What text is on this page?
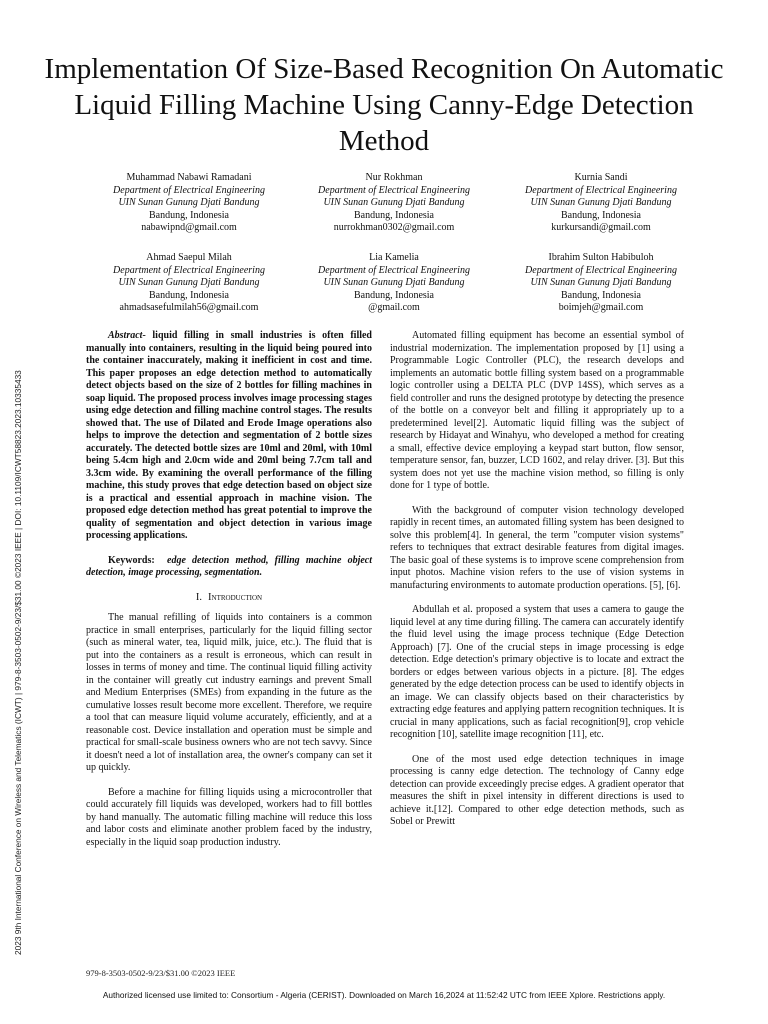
Implementation Of Size-Based Recognition On Automatic Liquid Filling Machine Using Canny-Edge Detection Method
Muhammad Nabawi Ramadani
Department of Electrical Engineering
UIN Sunan Gunung Djati Bandung
Bandung, Indonesia
nabawipnd@gmail.com
Nur Rokhman
Department of Electrical Engineering
UIN Sunan Gunung Djati Bandung
Bandung, Indonesia
nurrokhman0302@gmail.com
Kurnia Sandi
Department of Electrical Engineering
UIN Sunan Gunung Djati Bandung
Bandung, Indonesia
kurkursandi@gmail.com
Ahmad Saepul Milah
Department of Electrical Engineering
UIN Sunan Gunung Djati Bandung
Bandung, Indonesia
ahmadsasefulmilah56@gmail.com
Lia Kamelia
Department of Electrical Engineering
UIN Sunan Gunung Djati Bandung
Bandung, Indonesia
@gmail.com
Ibrahim Sulton Habibuloh
Department of Electrical Engineering
UIN Sunan Gunung Djati Bandung
Bandung, Indonesia
boimjeh@gmail.com
2023 9th International Conference on Wireless and Telematics (ICWT) | 979-8-3503-0502-9/23/$31.00 ©2023 IEEE | DOI: 10.1109/ICWT58823.2023.10335433

Abstract- liquid filling in small industries is often filled manually into containers, resulting in the liquid being poured into the container inaccurately, making it inefficient in cost and time. This paper proposes an edge detection method to automatically detect objects based on the size of 2 bottles for filling machines in soap liquid. The proposed process involves image processing stages using edge detection and filling machine control stages. The results showed that. The use of Dilated and Erode Image operations also helps to improve the detection and segmentation of 2 bottle sizes accurately. The detected bottle sizes are 10ml and 20ml, with 10ml being 5.4cm high and 2.0cm wide and 20ml being 7.7cm tall and 3.3cm wide. By examining the overall performance of the filling machine, this study proves that edge detection based on object size is a practical and essential approach in machine vision. The proposed edge detection method has great potential to improve the quality of segmentation and object detection in various image processing applications.

Keywords: edge detection method, filling machine object detection, image processing, segmentation.

I. Introduction

The manual refilling of liquids into containers is a common practice in small enterprises, particularly for the liquid filling sector (such as mineral water, tea, liquid milk, juice, etc.). The fluid that is put into the containers as a result is erroneous, which can result in losses in terms of money and time. The continual liquid filling activity in the container will greatly cut industry earnings and prevent Small and Medium Enterprises (SMEs) from expanding in the future as the cumulative losses result become more excellent. Therefore, we require a tool that can measure liquid volume accurately, efficiently, and at a reasonable cost. Device installation and operation must be simple and practical for small-scale business owners who are not tech savvy. Since it doesn't need a lot of installation area, the owner's company can set it up quickly.

Before a machine for filling liquids using a microcontroller that could accurately fill liquids was developed, workers had to fill bottles by hand manually. The automatic filling machine will reduce this loss and labor costs and eliminate another problem faced by the industry, especially in the liquid soap production industry.

Automated filling equipment has become an essential symbol of industrial modernization. The implementation proposed by [1] using a Programmable Logic Controller (PLC), the research develops and implements an automatic bottle filling system based on a programmable logic controller using a DELTA PLC (DVP 14SS), which serves as a field controller and runs the designed prototype by detecting the presence of the bottle on a conveyor belt and filling it appropriately up to a predetermined level[2]. Automatic liquid filling was the subject of research by Hidayat and Winahyu, who developed a method for creating a small, effective device employing a keypad start button, flow sensor, temperature sensor, fan, buzzer, LCD 1602, and relay driver. [3]. But this system does not yet use the machine vision method, so filling is only done for 1 type of bottle.

With the background of computer vision technology developed rapidly in recent times, an automated filling system has been designed to solve this problem[4]. In general, the term "computer vision systems" refers to techniques that extract desirable features from digital images. The basic goal of these systems is to improve scene comprehension from input photos. Machine vision refers to the use of vision systems in manufacturing environments to automate production operations. [5], [6].

Abdullah et al. proposed a system that uses a camera to gauge the liquid level at any time during filling. The camera can accurately identify the fluid level using the image process technique (Edge Detection Approach) [7]. One of the crucial steps in image processing is edge detection. Edge detection's primary objective is to locate and extract the borders or edges between various objects in a picture. [8]. The edges generated by the edge detection process can be used to identify objects in an image. We can classify objects based on their characteristics by extracting edge features and applying pattern recognition techniques. It is crucial in many applications, such as facial recognition[9], crop vehicle recognition [10], satellite image recognition [11], etc.

One of the most used edge detection techniques in image processing is canny edge detection. The technology of Canny edge detection can provide exceedingly precise edges. A gradient operator that measures the shift in pixel intensity in different directions is used to achieve it.[12]. Compared to other edge detection methods, such as Sobel or Prewitt

979-8-3503-0502-9/23/$31.00 ©2023 IEEE
Authorized licensed use limited to: Consortium - Algeria (CERIST). Downloaded on March 16,2024 at 11:52:42 UTC from IEEE Xplore. Restrictions apply.
